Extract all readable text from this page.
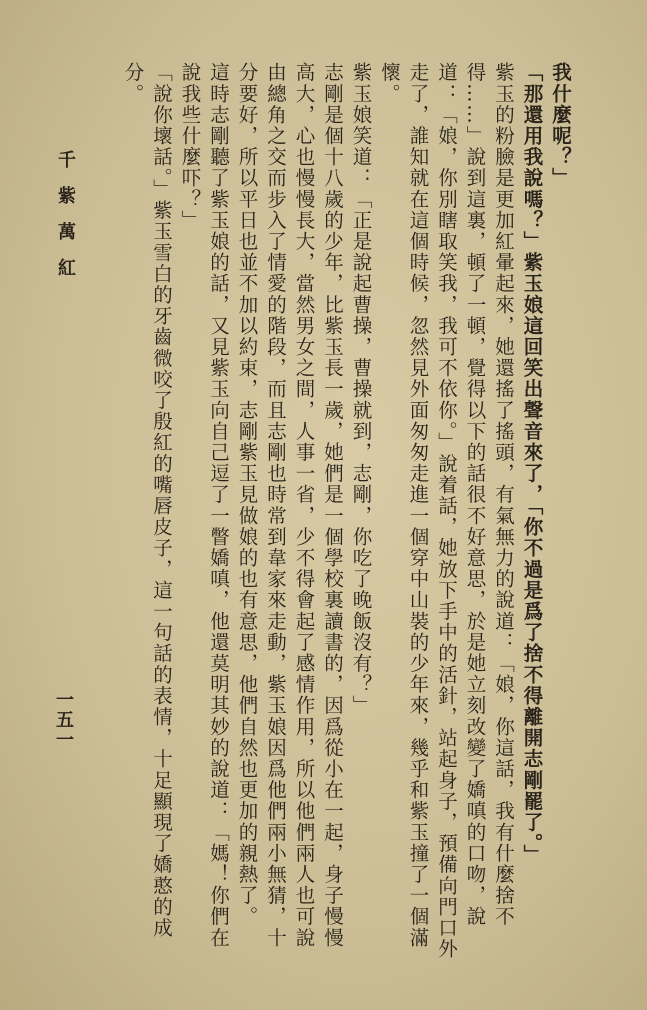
我什麼呢？」

「那還用我說嗎？」紫玉娘這回笑出聲音來了，「你不過是爲了捨不得離開志剛罷了。」

紫玉的粉臉是更加紅暈起來，她還搖了搖頭，有氣無力的說道：「娘，你這話，我有什麼捨不得……」說到這裏，頓了一頓，覺得以下的話很不好意思，於是她立刻改變了嬌嗔的口吻，說道：「娘，你別瞎取笑我，我可不依你。」說着話，她放下手中的活針，站起身子，預備向門口外走了，誰知就在這個時候，忽然見外面匆匆走進一個穿中山裝的少年來，幾乎和紫玉撞了一個滿懷。

紫玉娘笑道：「正是說起曹操，曹操就到，志剛，你吃了晚飯沒有？」

志剛是個十八歲的少年，比紫玉長一歲，她們是一個學校裏讀書的，因爲從小在一起，身子慢慢高大，心也慢慢長大，當然男女之間，人事一省，少不得會起了感情作用，所以他們兩人也可說由總角之交而步入了情愛的階段，而且志剛也時常到韋家來走動，紫玉娘因爲他們兩小無猜，十分要好，所以平日也並不加以約束，志剛紫玉見做娘的也有意思，他們自然也更加的親熱了。

這時志剛聽了紫玉娘的話，又見紫玉向自己逗了一瞥嬌嗔，他還莫明其妙的說道：「媽！你們在說我些什麼吓？」

「說你壞話。」紫玉雪白的牙齒微咬了殷紅的嘴唇皮子，這一句話的表情，十足顯現了嬌憨的成分。

千紫萬紅
一五一
